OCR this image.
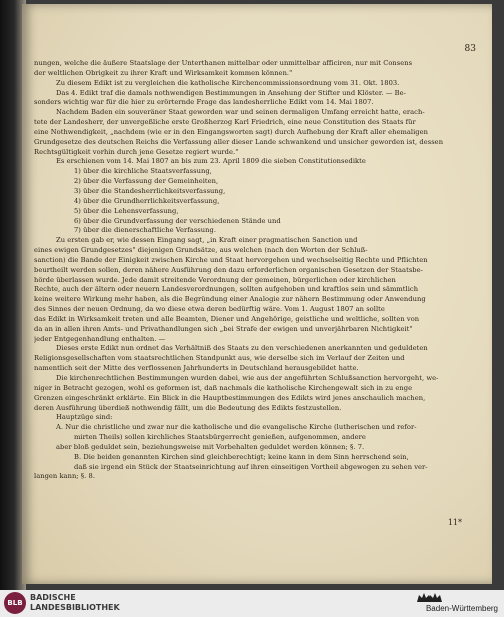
83
nungen, welche die äußere Staatslage der Unterthanen mittelbar oder unmittelbar afficiren, nur mit Consens
der weltlichen Obrigkeit zu ihrer Kraft und Wirksamkeit kommen können."
Zu diesem Edikt ist zu vergleichen die katholische Kirchencommissionsordnung vom 31. Okt. 1803.
Das 4. Edikt traf die damals nothwendigen Bestimmungen in Ansehung der Stifter und Klöster. — Be-
sonders wichtig war für die hier zu erörternde Frage das landesherrliche Edikt vom 14. Mai 1807.
Nachdem Baden ein souveräner Staat geworden war und seinen dermaligen Umfang erreicht hatte, erach-
tete der Landesherr, der unvergeßliche erste Großherzog Karl Friedrich, eine neue Constitution des Staats für
eine Nothwendigkeit, „nachdem (wie er in den Eingangsworten sagt) durch Aufhebung der Kraft aller ehemaligen
Grundgesetze des deutschen Reichs die Verfassung aller dieser Lande schwankend und unsicher geworden ist, dessen
Rechtsgültigkeit vorhin durch jene Gesetze regiert wurde."
Es erschienen vom 14. Mai 1807 an bis zum 23. April 1809 die sieben Constitutionsedikte
1) über die kirchliche Staatsverfassung,
2) über die Verfassung der Gemeinheiten,
3) über die Standesherrlichkeitsverfassung,
4) über die Grundherrlichkeitsverfassung,
5) über die Lehensverfassung,
6) über die Grundverfassung der verschiedenen Stände und
7) über die dienerschaftliche Verfassung.
Zu ersten gab er, wie dessen Eingang sagt, „in Kraft einer pragmatischen Sanction und
eines ewigen Grundgesetzes" diejenigen Grundsätze, aus welchen (nach den Worten der Schluß-
sanction) die Bande der Einigkeit zwischen Kirche und Staat hervorgehen und wechselseitig Rechte und Pflichten
beurtheilt werden sollen, deren nähere Ausführung den dazu erforderlichen organischen Gesetzen der Staatsbe-
hörde überlassen wurde. Jede damit streitende Verordnung der gemeinen, bürgerlichen oder kirchlichen
Rechte, auch der ältern oder neuern Landesverordnungen, sollten aufgehoben und kraftlos sein und sämmtlich
keine weitere Wirkung mehr haben, als die Begründung einer Analogie zur nähern Bestimmung oder Anwendung
des Sinnes der neuen Ordnung, da wo diese etwa deren bedürftig wäre. Vom 1. August 1807 an sollte
das Edikt in Wirksamkeit treten und alle Beamten, Diener und Angehörige, geistliche und weltliche, sollten von
da an in allen ihren Amts- und Privathandlungen sich „bei Strafe der ewigen und unverjährbaren Nichtigkeit"
jeder Entgegenhandlung enthalten. —
Dieses erste Edikt nun ordnet das Verhältniß des Staats zu den verschiedenen anerkannten und geduldeten
Religionsgesellschaften vom staatsrechtlichen Standpunkt aus, wie derselbe sich im Verlauf der Zeiten und
namentlich seit der Mitte des verflossenen Jahrhunderts in Deutschland herausgebildet hatte.
Die kirchenrechtlichen Bestimmungen wurden dabei, wie aus der angeführten Schlußsanction hervorgeht, we-
niger in Betracht gezogen, wohl es geformen ist, daß nachmals die katholische Kirchengewalt sich in zu enge
Grenzen eingeschränkt erklärte. Ein Blick in die Hauptbestimmungen des Edikts wird jenes anschaulich machen,
deren Ausführung überdieß nothwendig fällt, um die Bedeutung des Edikts festzustellen.
Hauptzüge sind:
A. Nur die christliche und zwar nur die katholische und die evangelische Kirche (lutherischen und refor-
mirten Theils) sollen kirchliches Staatsbürgerrecht genießen, aufgenommen, andere
aber bloß geduldet sein, beziehungsweise mit Vorbehalten geduldet werden können; §. 7.
B. Die beiden genannten Kirchen sind gleichberechtigt; keine kann in dem Sinn herrschend sein,
daß sie irgend ein Stück der Staatseinrichtung auf ihren einseitigen Vortheil abgewogen zu sehen ver-
langen kann; §. 8.
11*
BLB
BADISCHE
LANDESBIBLIOTHEK	Baden-Württemberg
